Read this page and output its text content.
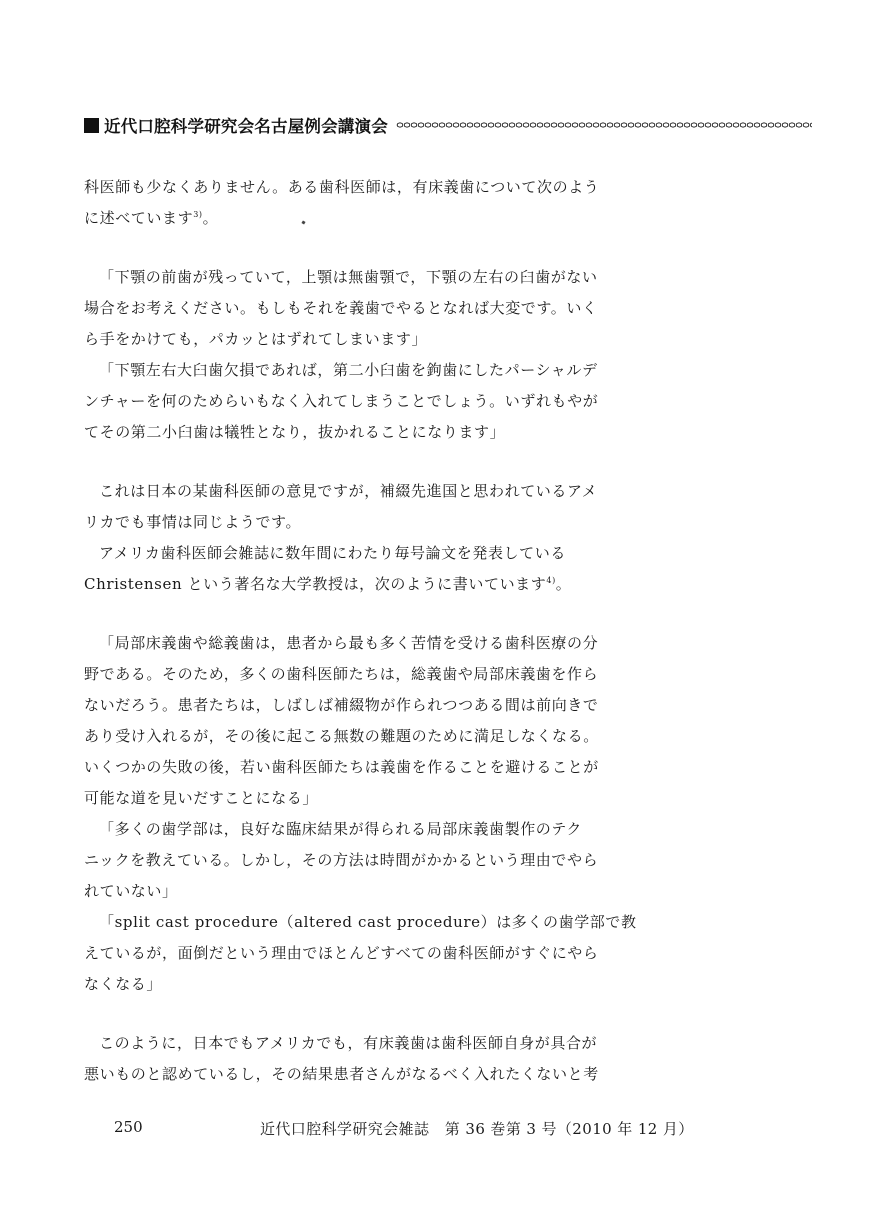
近代口腔科学研究会名古屋例会講演会
科医師も少なくありません。ある歯科医師は，有床義歯について次のよう
に述べています$^{3)}$。
「下顎の前歯が残っていて，上顎は無歯顎で，下顎の左右の臼歯がない
場合をお考えください。もしもそれを義歯でやるとなれば大変です。いく
ら手をかけても，パカッとはずれてしまいます」
「下顎左右大臼歯欠損であれば，第二小臼歯を鉤歯にしたパーシャルデ
ンチャーを何のためらいもなく入れてしまうことでしょう。いずれもやが
てその第二小臼歯は犠牲となり，抜かれることになります」
これは日本の某歯科医師の意見ですが，補綴先進国と思われているアメ
リカでも事情は同じようです。
アメリカ歯科医師会雑誌に数年間にわたり毎号論文を発表している
Christensen という著名な大学教授は，次のように書いています$^{4)}$。
「局部床義歯や総義歯は，患者から最も多く苦情を受ける歯科医療の分
野である。そのため，多くの歯科医師たちは，総義歯や局部床義歯を作ら
ないだろう。患者たちは，しばしば補綴物が作られつつある間は前向きで
あり受け入れるが，その後に起こる無数の難題のために満足しなくなる。
いくつかの失敗の後，若い歯科医師たちは義歯を作ることを避けることが
可能な道を見いだすことになる」
「多くの歯学部は，良好な臨床結果が得られる局部床義歯製作のテク
ニックを教えている。しかし，その方法は時間がかかるという理由でやら
れていない」
「split cast procedure（altered cast procedure）は多くの歯学部で教
えているが，面倒だという理由でほとんどすべての歯科医師がすぐにやら
なくなる」
このように，日本でもアメリカでも，有床義歯は歯科医師自身が具合が
悪いものと認めているし，その結果患者さんがなるべく入れたくないと考
250	近代口腔科学研究会雑誌　第 36 巻第 3 号（2010 年 12 月）
